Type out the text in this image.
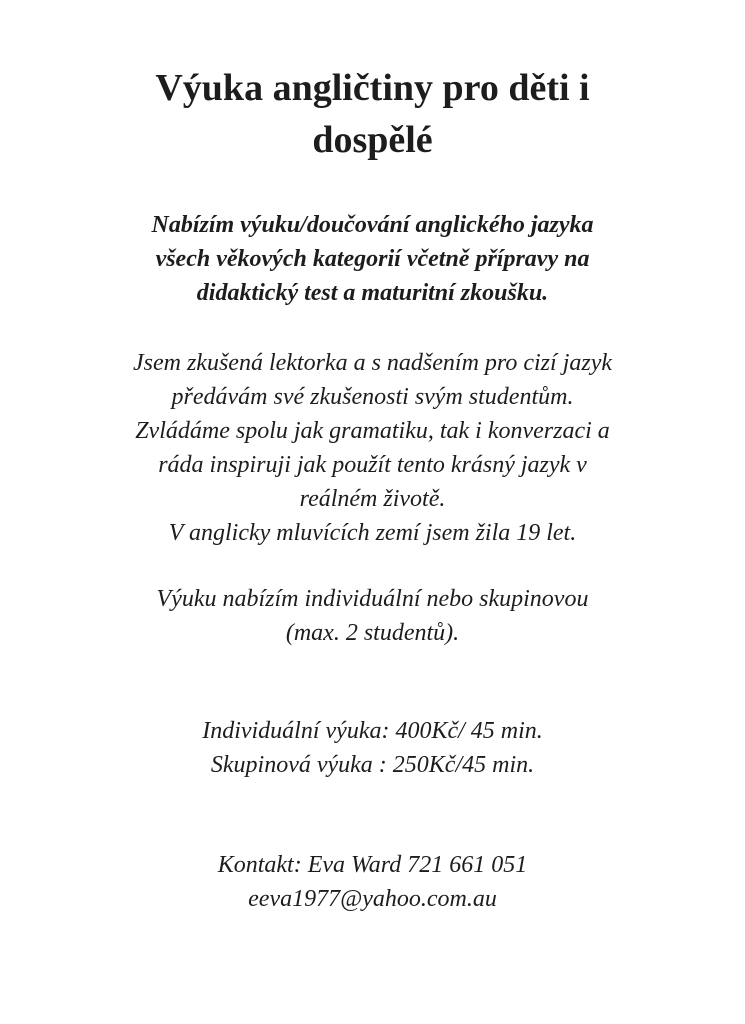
Výuka angličtiny pro děti i
dospělé

Nabízím výuku/doučování anglického jazyka
všech věkových kategorií včetně přípravy na
didaktický test a maturitní zkoušku.

Jsem zkušená lektorka a s nadšením pro cizí jazyk
předávám své zkušenosti svým studentům.
Zvládáme spolu jak gramatiku, tak i konverzaci a
ráda inspiruji jak použít tento krásný jazyk v
reálném životě.
V anglicky mluvících zemí jsem žila 19 let.

Výuku nabízím individuální nebo skupinovou
(max. 2 studentů).

Individuální výuka: 400Kč/ 45 min.
Skupinová výuka : 250Kč/45 min.

Kontakt: Eva Ward 721 661 051
eeva1977@yahoo.com.au
